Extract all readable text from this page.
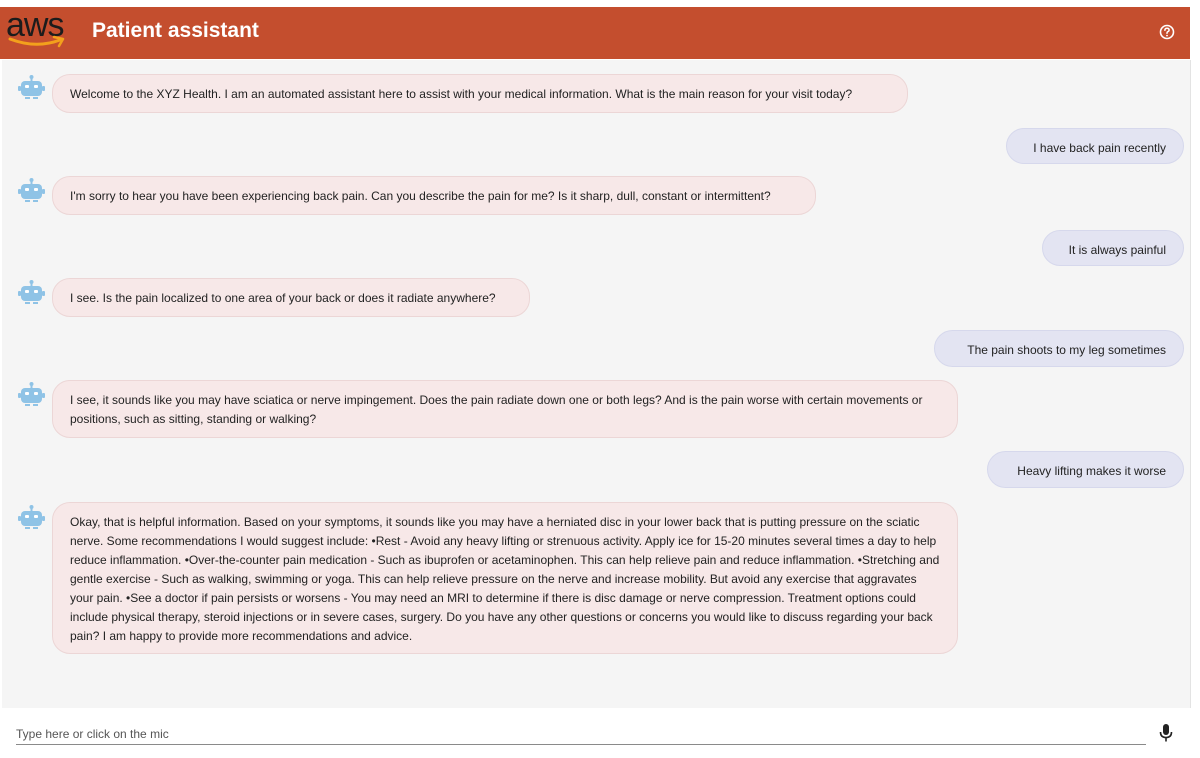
aws Patient assistant
Welcome to the XYZ Health. I am an automated assistant here to assist with your medical information. What is the main reason for your visit today?
I have back pain recently
I'm sorry to hear you have been experiencing back pain. Can you describe the pain for me? Is it sharp, dull, constant or intermittent?
It is always painful
I see. Is the pain localized to one area of your back or does it radiate anywhere?
The pain shoots to my leg sometimes
I see, it sounds like you may have sciatica or nerve impingement. Does the pain radiate down one or both legs? And is the pain worse with certain movements or positions, such as sitting, standing or walking?
Heavy lifting makes it worse
Okay, that is helpful information. Based on your symptoms, it sounds like you may have a herniated disc in your lower back that is putting pressure on the sciatic nerve. Some recommendations I would suggest include: •Rest - Avoid any heavy lifting or strenuous activity. Apply ice for 15-20 minutes several times a day to help reduce inflammation. •Over-the-counter pain medication - Such as ibuprofen or acetaminophen. This can help relieve pain and reduce inflammation. •Stretching and gentle exercise - Such as walking, swimming or yoga. This can help relieve pressure on the nerve and increase mobility. But avoid any exercise that aggravates your pain. •See a doctor if pain persists or worsens - You may need an MRI to determine if there is disc damage or nerve compression. Treatment options could include physical therapy, steroid injections or in severe cases, surgery. Do you have any other questions or concerns you would like to discuss regarding your back pain? I am happy to provide more recommendations and advice.
Type here or click on the mic
